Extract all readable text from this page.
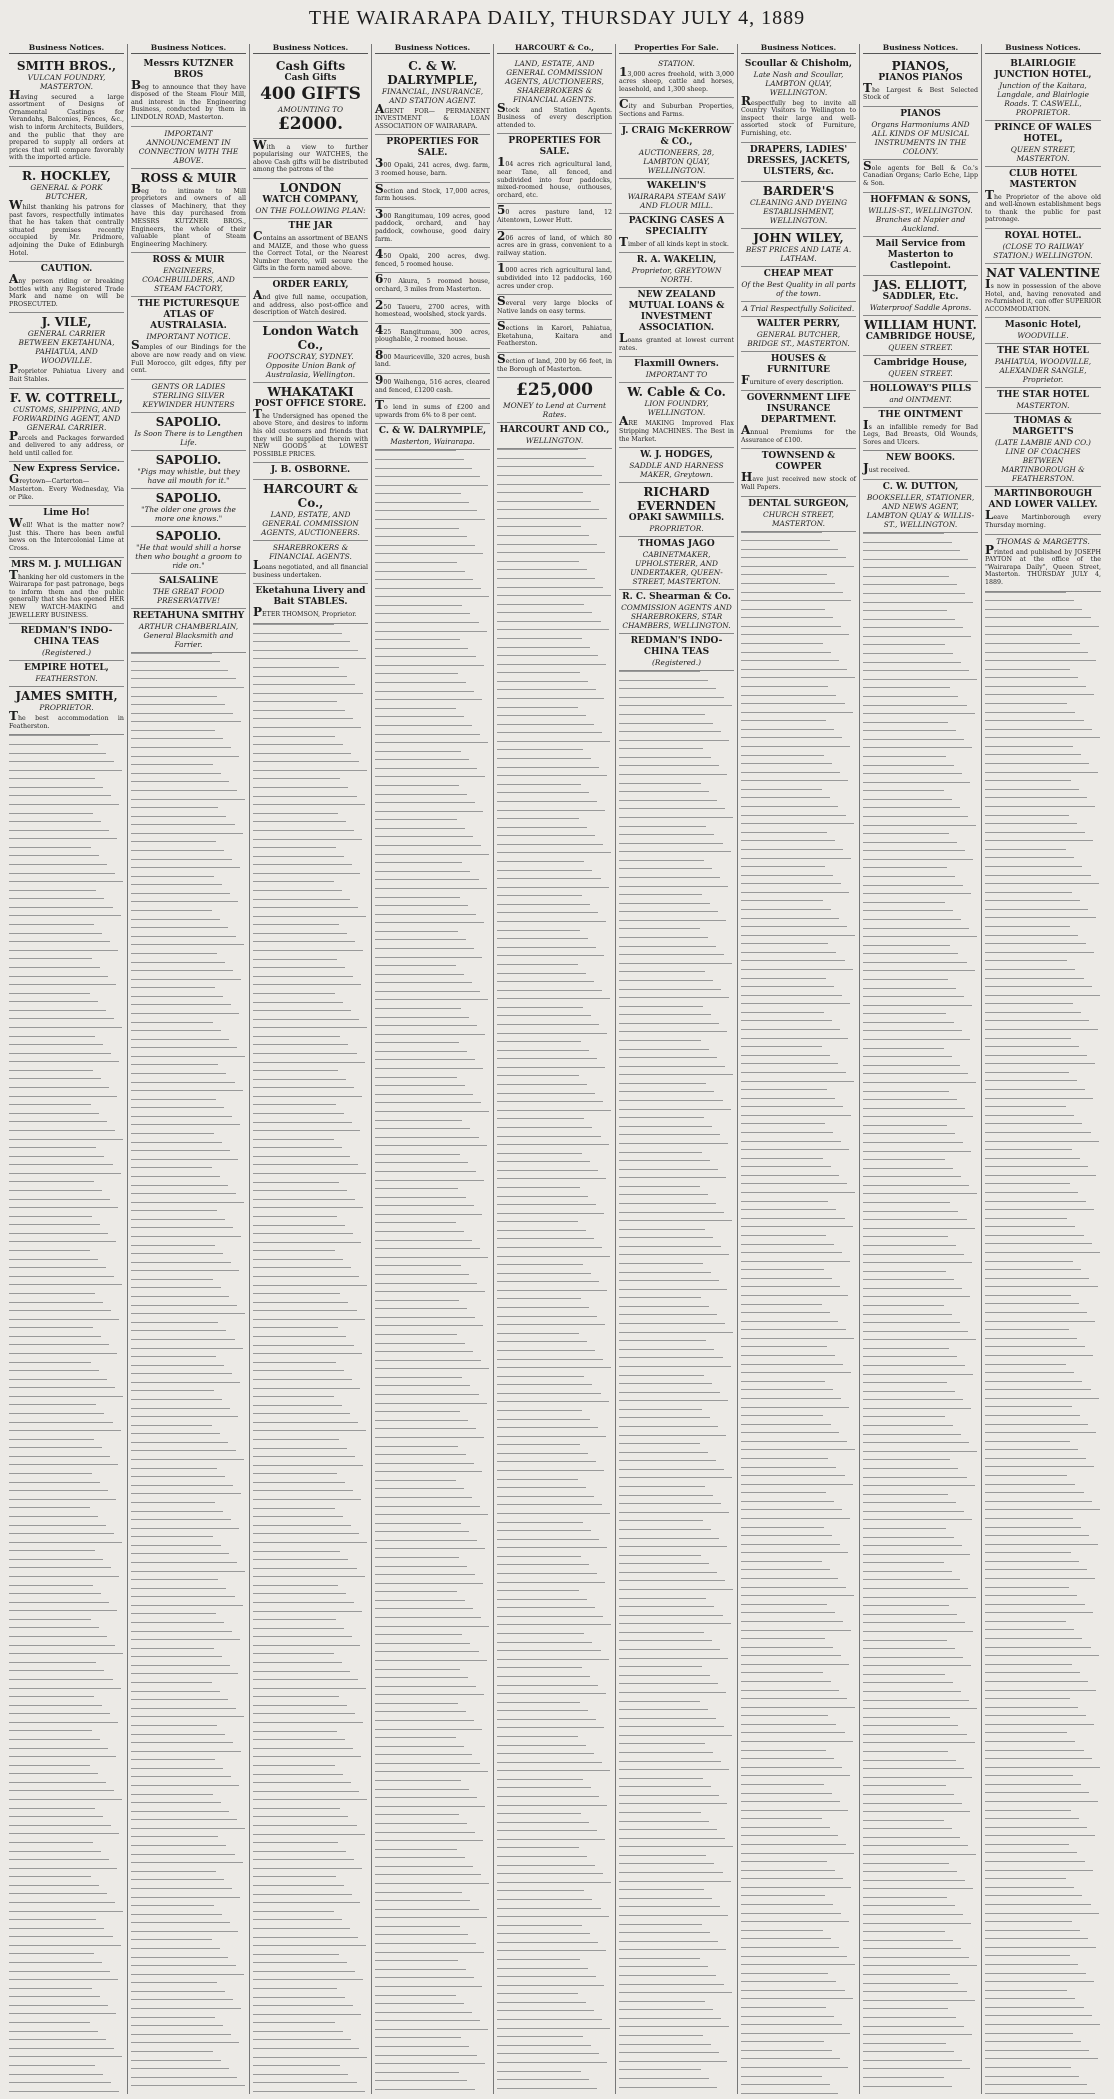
THE WAIRARAPA DAILY, THURSDAY JULY 4, 1889
Business Notices.
SMITH BROS.,
VULCAN FOUNDRY, MASTERTON.
Having secured a large assortment of Designs of Ornamental Castings for Verandahs, Balconies, Fences, &c., wish to inform Architects, Builders, and the public that they are prepared to supply all orders at prices that will compare favorably with the imported article.
R. HOCKLEY,
GENERAL & PORK BUTCHER,
Whilst thanking his patrons for past favors, respectfully intimates that he has taken that centrally situated premises recently occupied by Mr. Pridmore, adjoining the Duke of Edinburgh Hotel.
CAUTION.
Any person riding or breaking bottles with any Registered Trade Mark and name on will be PROSECUTED.
J. VILE,
GENERAL CARRIER BETWEEN EKETAHUNA, PAHIATUA, AND WOODVILLE.
Proprietor Pahiatua Livery and Bait Stables.
F. W. COTTRELL,
CUSTOMS, SHIPPING, AND FORWARDING AGENT, AND GENERAL CARRIER.
Parcels and Packages forwarded and delivered to any address, or held until called for.
New Express Service.
Greytown—Carterton—Masterton. Every Wednesday, Via or Pike.
Lime Ho!
Well! What is the matter now? Just this. There has been awful news on the Intercolonial Lime at Cross.
MRS M. J. MULLIGAN
Thanking her old customers in the Wairarapa for past patronage, begs to inform them and the public generally that she has opened HER NEW WATCH-MAKING and JEWELLERY BUSINESS.
REDMAN'S INDO-CHINA TEAS
(Registered.)
EMPIRE HOTEL,
FEATHERSTON.
JAMES SMITH,
PROPRIETOR.
The best accommodation in Featherston.
Business Notices.
Messrs KUTZNER BROS
Beg to announce that they have disposed of the Steam Flour Mill, and interest in the Engineering Business, conducted by them in LINDOLN ROAD, Masterton.
IMPORTANT ANNOUNCEMENT IN CONNECTION WITH THE ABOVE.
ROSS & MUIR
Beg to intimate to Mill proprietors and owners of all classes of Machinery, that they have this day purchased from MESSRS KUTZNER BROS., Engineers, the whole of their valuable plant of Steam Engineering Machinery.
ROSS & MUIR
ENGINEERS, COACHBUILDERS, AND STEAM FACTORY,
THE PICTURESQUE ATLAS OF AUSTRALASIA.
IMPORTANT NOTICE.
Samples of our Bindings for the above are now ready and on view. Full Morocco, gilt edges, fifty per cent.
GENTS OR LADIES STERLING SILVER KEYWINDER HUNTERS
SAPOLIO.
Is Soon There is to Lengthen Life.
SAPOLIO.
"Pigs may whistle, but they have ail mouth for it."
SAPOLIO.
"The older one grows the more one knows."
SAPOLIO.
"He that would shill a horse then who bought a groom to ride on."
SALSALINE
THE GREAT FOOD PRESERVATIVE!
REETAHUNA SMITHY
ARTHUR CHAMBERLAIN, General Blacksmith and Farrier.
Business Notices.
Cash Gifts
Cash Gifts
400 GIFTS
AMOUNTING TO
£2000.
With a view to further popularising our WATCHES, the above Cash gifts will be distributed among the patrons of the
LONDON
WATCH COMPANY,
ON THE FOLLOWING PLAN:
THE JAR
Contains an assortment of BEANS and MAIZE, and those who guess the Correct Total, or the Nearest Number thereto, will secure the Gifts in the form named above.
ORDER EARLY,
And give full name, occupation, and address, also post-office and description of Watch desired.
London Watch Co.,
FOOTSCRAY, SYDNEY. Opposite Union Bank of Australasia, Wellington.
WHAKATAKI
POST OFFICE STORE.
The Undersigned has opened the above Store, and desires to inform his old customers and friends that they will be supplied therein with NEW GOODS at LOWEST POSSIBLE PRICES.
J. B. OSBORNE.
HARCOURT & Co.,
LAND, ESTATE, AND GENERAL COMMISSION AGENTS, AUCTIONEERS.
SHAREBROKERS & FINANCIAL AGENTS.
Loans negotiated, and all financial business undertaken.
Eketahuna Livery and Bait STABLES.
PETER THOMSON, Proprietor.
Business Notices.
C. & W. DALRYMPLE,
FINANCIAL, INSURANCE, AND STATION AGENT.
AGENT FOR— PERMANENT INVESTMENT & LOAN ASSOCIATION OF WAIRARAPA.
PROPERTIES FOR SALE.
300 Opaki, 241 acres, dwg. farm, 3 roomed house, barn.
Section and Stock, 17,000 acres, farm houses.
300 Rangitumau, 109 acres, good paddock, orchard, and hay paddock, cowhouse, good dairy farm.
450 Opaki, 200 acres, dwg. fenced, 5 roomed house.
670 Akura, 5 roomed house, orchard, 3 miles from Masterton.
250 Taueru, 2700 acres, with homestead, woolshed, stock yards.
425 Rangitumau, 300 acres, ploughable, 2 roomed house.
800 Mauriceville, 320 acres, bush land.
900 Waihenga, 516 acres, cleared and fenced, £1200 cash.
To lend in sums of £200 and upwards from 6% to 8 per cent.
C. & W. DALRYMPLE,
Masterton, Wairarapa.
HARCOURT & Co.,
LAND, ESTATE, AND GENERAL COMMISSION AGENTS, AUCTIONEERS, SHAREBROKERS & FINANCIAL AGENTS.
Stock and Station Agents. Business of every description attended to.
PROPERTIES FOR SALE.
104 acres rich agricultural land, near Tane, all fenced, and subdivided into four paddocks, mixed-roomed house, outhouses, orchard, etc.
50 acres pasture land, 12 Aitentown, Lower Hutt.
206 acres of land, of which 80 acres are in grass, convenient to a railway station.
1000 acres rich agricultural land, subdivided into 12 paddocks, 160 acres under crop.
Several very large blocks of Native lands on easy terms.
Sections in Karori, Pahiatua, Eketahuna, Kaitara and Featherston.
Section of land, 200 by 66 feet, in the Borough of Masterton.
£25,000
MONEY to Lend at Current Rates.
HARCOURT AND CO.,
WELLINGTON.
Properties For Sale.
STATION.
13,000 acres freehold, with 3,000 acres sheep, cattle and horses, leasehold, and 1,300 sheep.
City and Suburban Properties, Sections and Farms.
J. CRAIG McKERROW & CO.,
AUCTIONEERS, 28, LAMBTON QUAY, WELLINGTON.
WAKELIN'S
WAIRARAPA STEAM SAW AND FLOUR MILL.
PACKING CASES A SPECIALITY
Timber of all kinds kept in stock.
R. A. WAKELIN,
Proprietor, GREYTOWN NORTH.
NEW ZEALAND MUTUAL LOANS & INVESTMENT ASSOCIATION.
Loans granted at lowest current rates.
Flaxmill Owners.
IMPORTANT TO
W. Cable & Co.
LION FOUNDRY, WELLINGTON.
ARE MAKING Improved Flax Stripping MACHINES. The Best in the Market.
W. J. HODGES,
SADDLE AND HARNESS MAKER, Greytown.
RICHARD EVERNDEN
OPAKI SAWMILLS.
PROPRIETOR.
THOMAS JAGO
CABINETMAKER, UPHOLSTERER, AND UNDERTAKER, QUEEN-STREET, MASTERTON.
R. C. Shearman & Co.
COMMISSION AGENTS AND SHAREBROKERS, STAR CHAMBERS, WELLINGTON.
REDMAN'S INDO-CHINA TEAS
(Registered.)
Business Notices.
Scoullar & Chisholm,
Late Nash and Scoullar, LAMBTON QUAY, WELLINGTON.
Respectfully beg to invite all Country Visitors to Wellington to inspect their large and well-assorted stock of Furniture, Furnishing, etc.
DRAPERS, LADIES' DRESSES, JACKETS, ULSTERS, &c.
BARDER'S
CLEANING AND DYEING ESTABLISHMENT, WELLINGTON.
JOHN WILEY,
BEST PRICES AND LATE A. LATHAM.
CHEAP MEAT
Of the Best Quality in all parts of the town.
A Trial Respectfully Solicited.
WALTER PERRY,
GENERAL BUTCHER, BRIDGE ST., MASTERTON.
HOUSES & FURNITURE
Furniture of every description.
GOVERNMENT LIFE INSURANCE DEPARTMENT.
Annual Premiums for the Assurance of £100.
TOWNSEND & COWPER
Have just received new stock of Wall Papers.
DENTAL SURGEON,
CHURCH STREET, MASTERTON.
Business Notices.
PIANOS,
PIANOS PIANOS
The Largest & Best Selected Stock of
PIANOS
Organs Harmoniums AND ALL KINDS OF MUSICAL INSTRUMENTS IN THE COLONY.
Sole agents for Bell & Co.'s Canadian Organs; Carlo Eche, Lipp & Son.
HOFFMAN & SONS,
WILLIS-ST., WELLINGTON. Branches at Napier and Auckland.
Mail Service from Masterton to Castlepoint.
JAS. ELLIOTT,
SADDLER, Etc.
Waterproof Saddle Aprons.
WILLIAM HUNT.
CAMBRIDGE HOUSE,
QUEEN STREET.
Cambridge House,
QUEEN STREET.
HOLLOWAY'S PILLS
and OINTMENT.
THE OINTMENT
Is an infallible remedy for Bad Legs, Bad Breasts, Old Wounds, Sores and Ulcers.
NEW BOOKS.
Just received.
C. W. DUTTON,
BOOKSELLER, STATIONER, AND NEWS AGENT, LAMBTON QUAY & WILLIS-ST., WELLINGTON.
Business Notices.
BLAIRLOGIE JUNCTION HOTEL,
Junction of the Kaitara, Langdale, and Blairlogie Roads. T. CASWELL, PROPRIETOR.
PRINCE OF WALES HOTEL,
QUEEN STREET, MASTERTON.
CLUB HOTEL MASTERTON
The Proprietor of the above old and well-known establishment begs to thank the public for past patronage.
ROYAL HOTEL.
(CLOSE TO RAILWAY STATION.) WELLINGTON.
NAT VALENTINE
Is now in possession of the above Hotel, and, having renovated and re-furnished it, can offer SUPERIOR ACCOMMODATION.
Masonic Hotel,
WOODVILLE.
THE STAR HOTEL
PAHIATUA, WOODVILLE, ALEXANDER SANGLE, Proprietor.
THE STAR HOTEL
MASTERTON.
THOMAS & MARGETT'S
(LATE LAMBIE AND CO.) LINE OF COACHES BETWEEN MARTINBOROUGH & FEATHERSTON.
MARTINBOROUGH AND LOWER VALLEY.
Leave Martinborough every Thursday morning.
THOMAS & MARGETTS.
Printed and published by JOSEPH PAYTON at the office of the "Wairarapa Daily", Queen Street, Masterton. THURSDAY JULY 4, 1889.
